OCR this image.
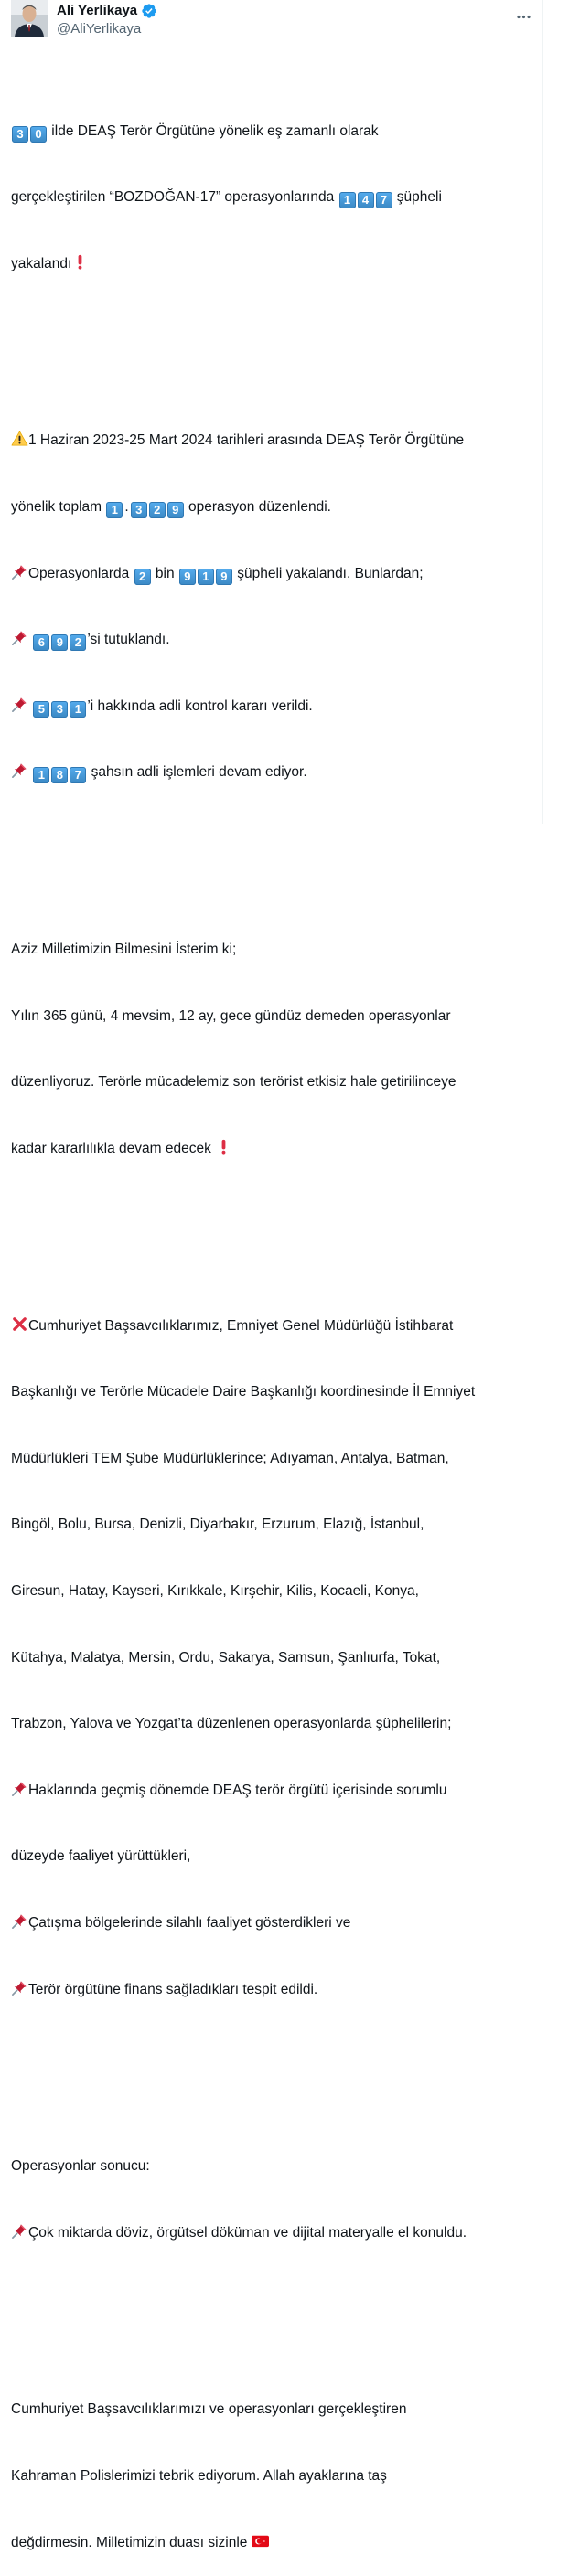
Ali Yerlikaya
@AliYerlikaya

3 0 ilde DEAŞ Terör Örgütüne yönelik eş zamanlı olarak

gerçekleştirilen “BOZDOĞAN-17” operasyonlarında 1 4 7 şüpheli

yakalandı

1 Haziran 2023-25 Mart 2024 tarihleri arasında DEAŞ Terör Örgütüne

yönelik toplam 1 . 3 2 9 operasyon düzenlendi.

Operasyonlarda 2 bin 9 1 9 şüpheli yakalandı. Bunlardan;

6 9 2 ’si tutuklandı.

5 3 1 ’i hakkında adli kontrol kararı verildi.

1 8 7 şahsın adli işlemleri devam ediyor.

Aziz Milletimizin Bilmesini İsterim ki;

Yılın 365 günü, 4 mevsim, 12 ay, gece gündüz demeden operasyonlar

düzenliyoruz. Terörle mücadelemiz son terörist etkisiz hale getirilinceye

kadar kararlılıkla devam edecek

Cumhuriyet Başsavcılıklarımız, Emniyet Genel Müdürlüğü İstihbarat

Başkanlığı ve Terörle Mücadele Daire Başkanlığı koordinesinde İl Emniyet

Müdürlükleri TEM Şube Müdürlüklerince; Adıyaman, Antalya, Batman,

Bingöl, Bolu, Bursa, Denizli, Diyarbakır, Erzurum, Elazığ, İstanbul,

Giresun, Hatay, Kayseri, Kırıkkale, Kırşehir, Kilis, Kocaeli, Konya,

Kütahya, Malatya, Mersin, Ordu, Sakarya, Samsun, Şanlıurfa, Tokat,

Trabzon, Yalova ve Yozgat’ta düzenlenen operasyonlarda şüphelilerin;

Haklarında geçmiş dönemde DEAŞ terör örgütü içerisinde sorumlu

düzeyde faaliyet yürüttükleri,

Çatışma bölgelerinde silahlı faaliyet gösterdikleri ve

Terör örgütüne finans sağladıkları tespit edildi.

Operasyonlar sonucu:

Çok miktarda döviz, örgütsel döküman ve dijital materyalle el konuldu.

Cumhuriyet Başsavcılıklarımızı ve operasyonları gerçekleştiren

Kahraman Polislerimizi tebrik ediyorum. Allah ayaklarına taş

değdirmesin. Milletimizin duası sizinle
